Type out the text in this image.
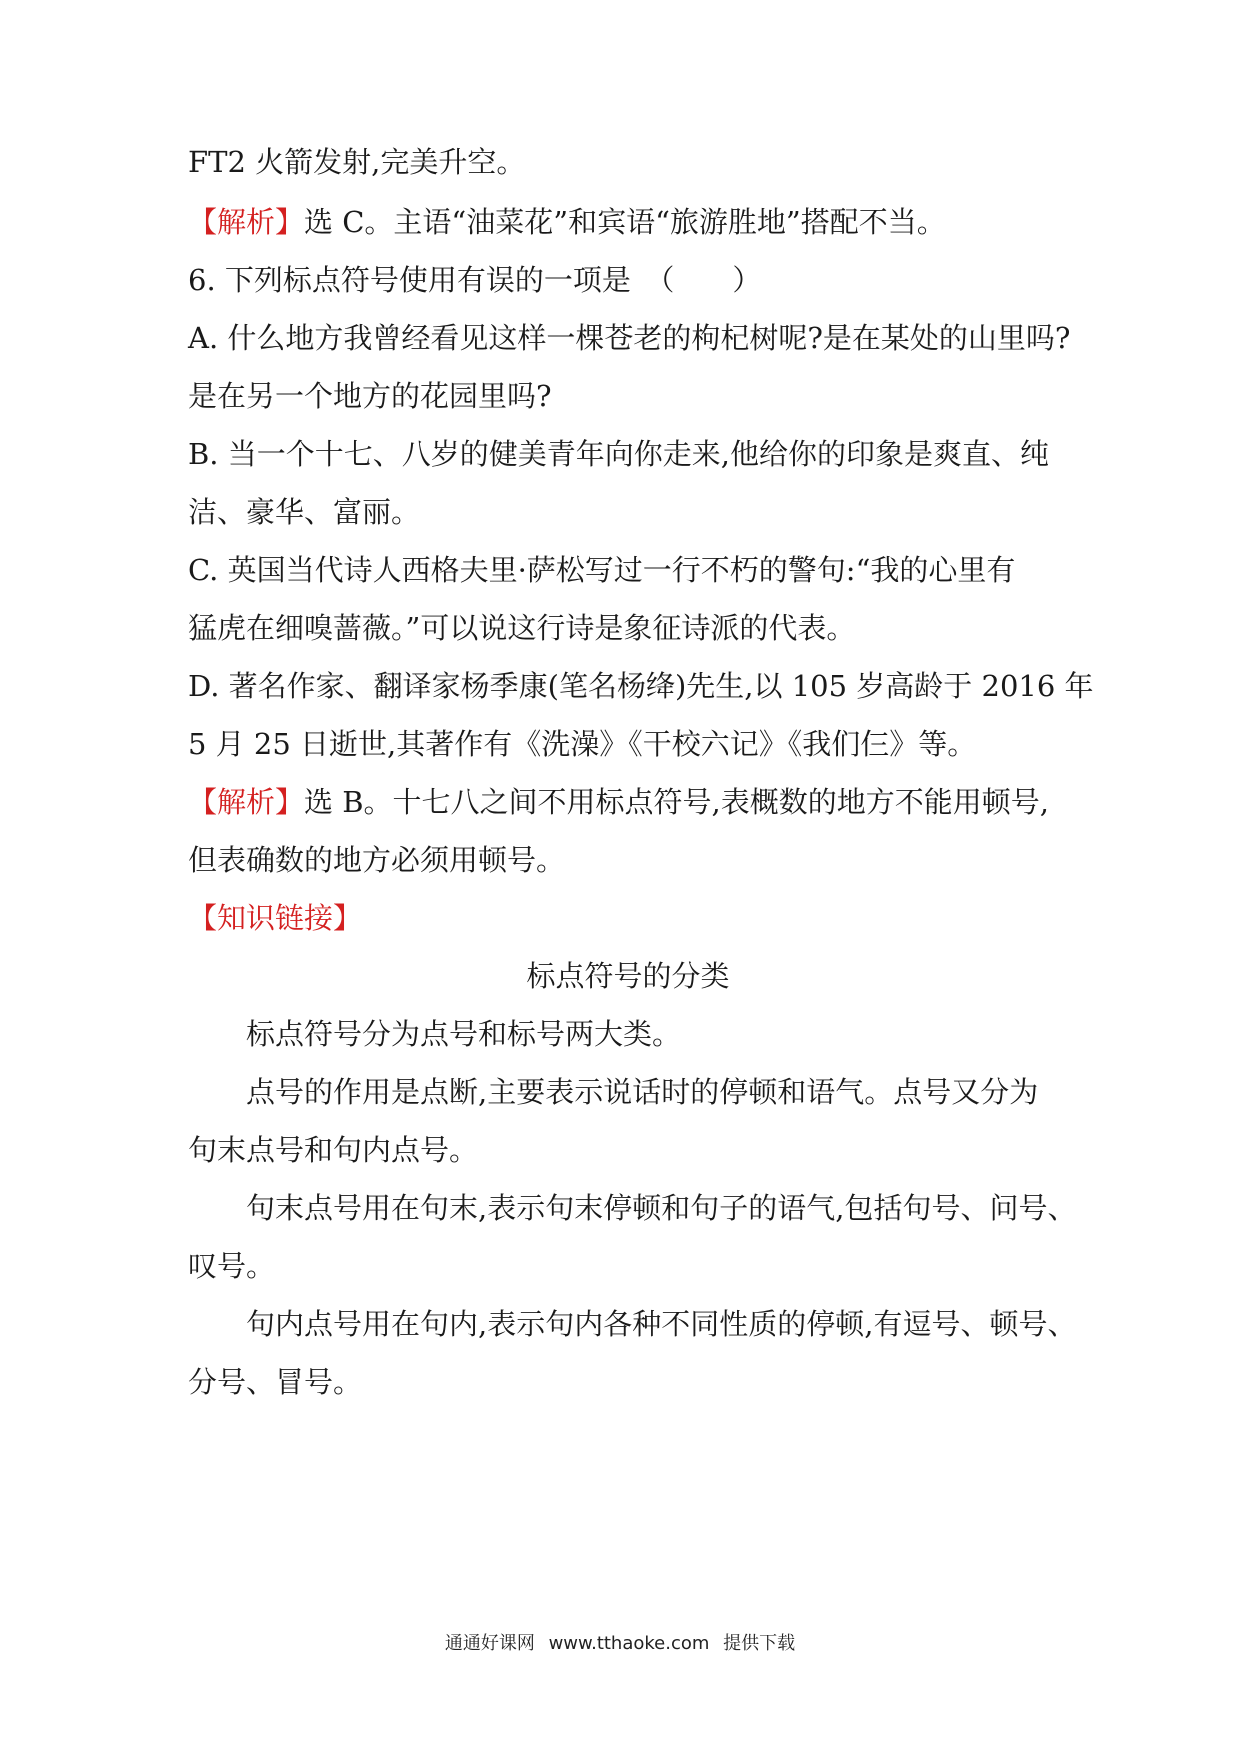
FT2 火箭发射,完美升空。
【解析】选 C。主语“油菜花”和宾语“旅游胜地”搭配不当。
6. 下列标点符号使用有误的一项是　（　　）
A. 什么地方我曾经看见这样一棵苍老的枸杞树呢?是在某处的山里吗?
是在另一个地方的花园里吗?
B. 当一个十七、八岁的健美青年向你走来,他给你的印象是爽直、纯
洁、豪华、富丽。
C. 英国当代诗人西格夫里·萨松写过一行不朽的警句:“我的心里有
猛虎在细嗅蔷薇。”可以说这行诗是象征诗派的代表。
D. 著名作家、翻译家杨季康(笔名杨绛)先生,以 105 岁高龄于 2016 年
5 月 25 日逝世,其著作有《洗澡》《干校六记》《我们仨》等。
【解析】选 B。十七八之间不用标点符号,表概数的地方不能用顿号,
但表确数的地方必须用顿号。
【知识链接】
标点符号的分类
标点符号分为点号和标号两大类。
点号的作用是点断,主要表示说话时的停顿和语气。点号又分为
句末点号和句内点号。
句末点号用在句末,表示句末停顿和句子的语气,包括句号、问号、
叹号。
句内点号用在句内,表示句内各种不同性质的停顿,有逗号、顿号、
分号、冒号。
通通好课网 www.tthaoke.com 提供下载
